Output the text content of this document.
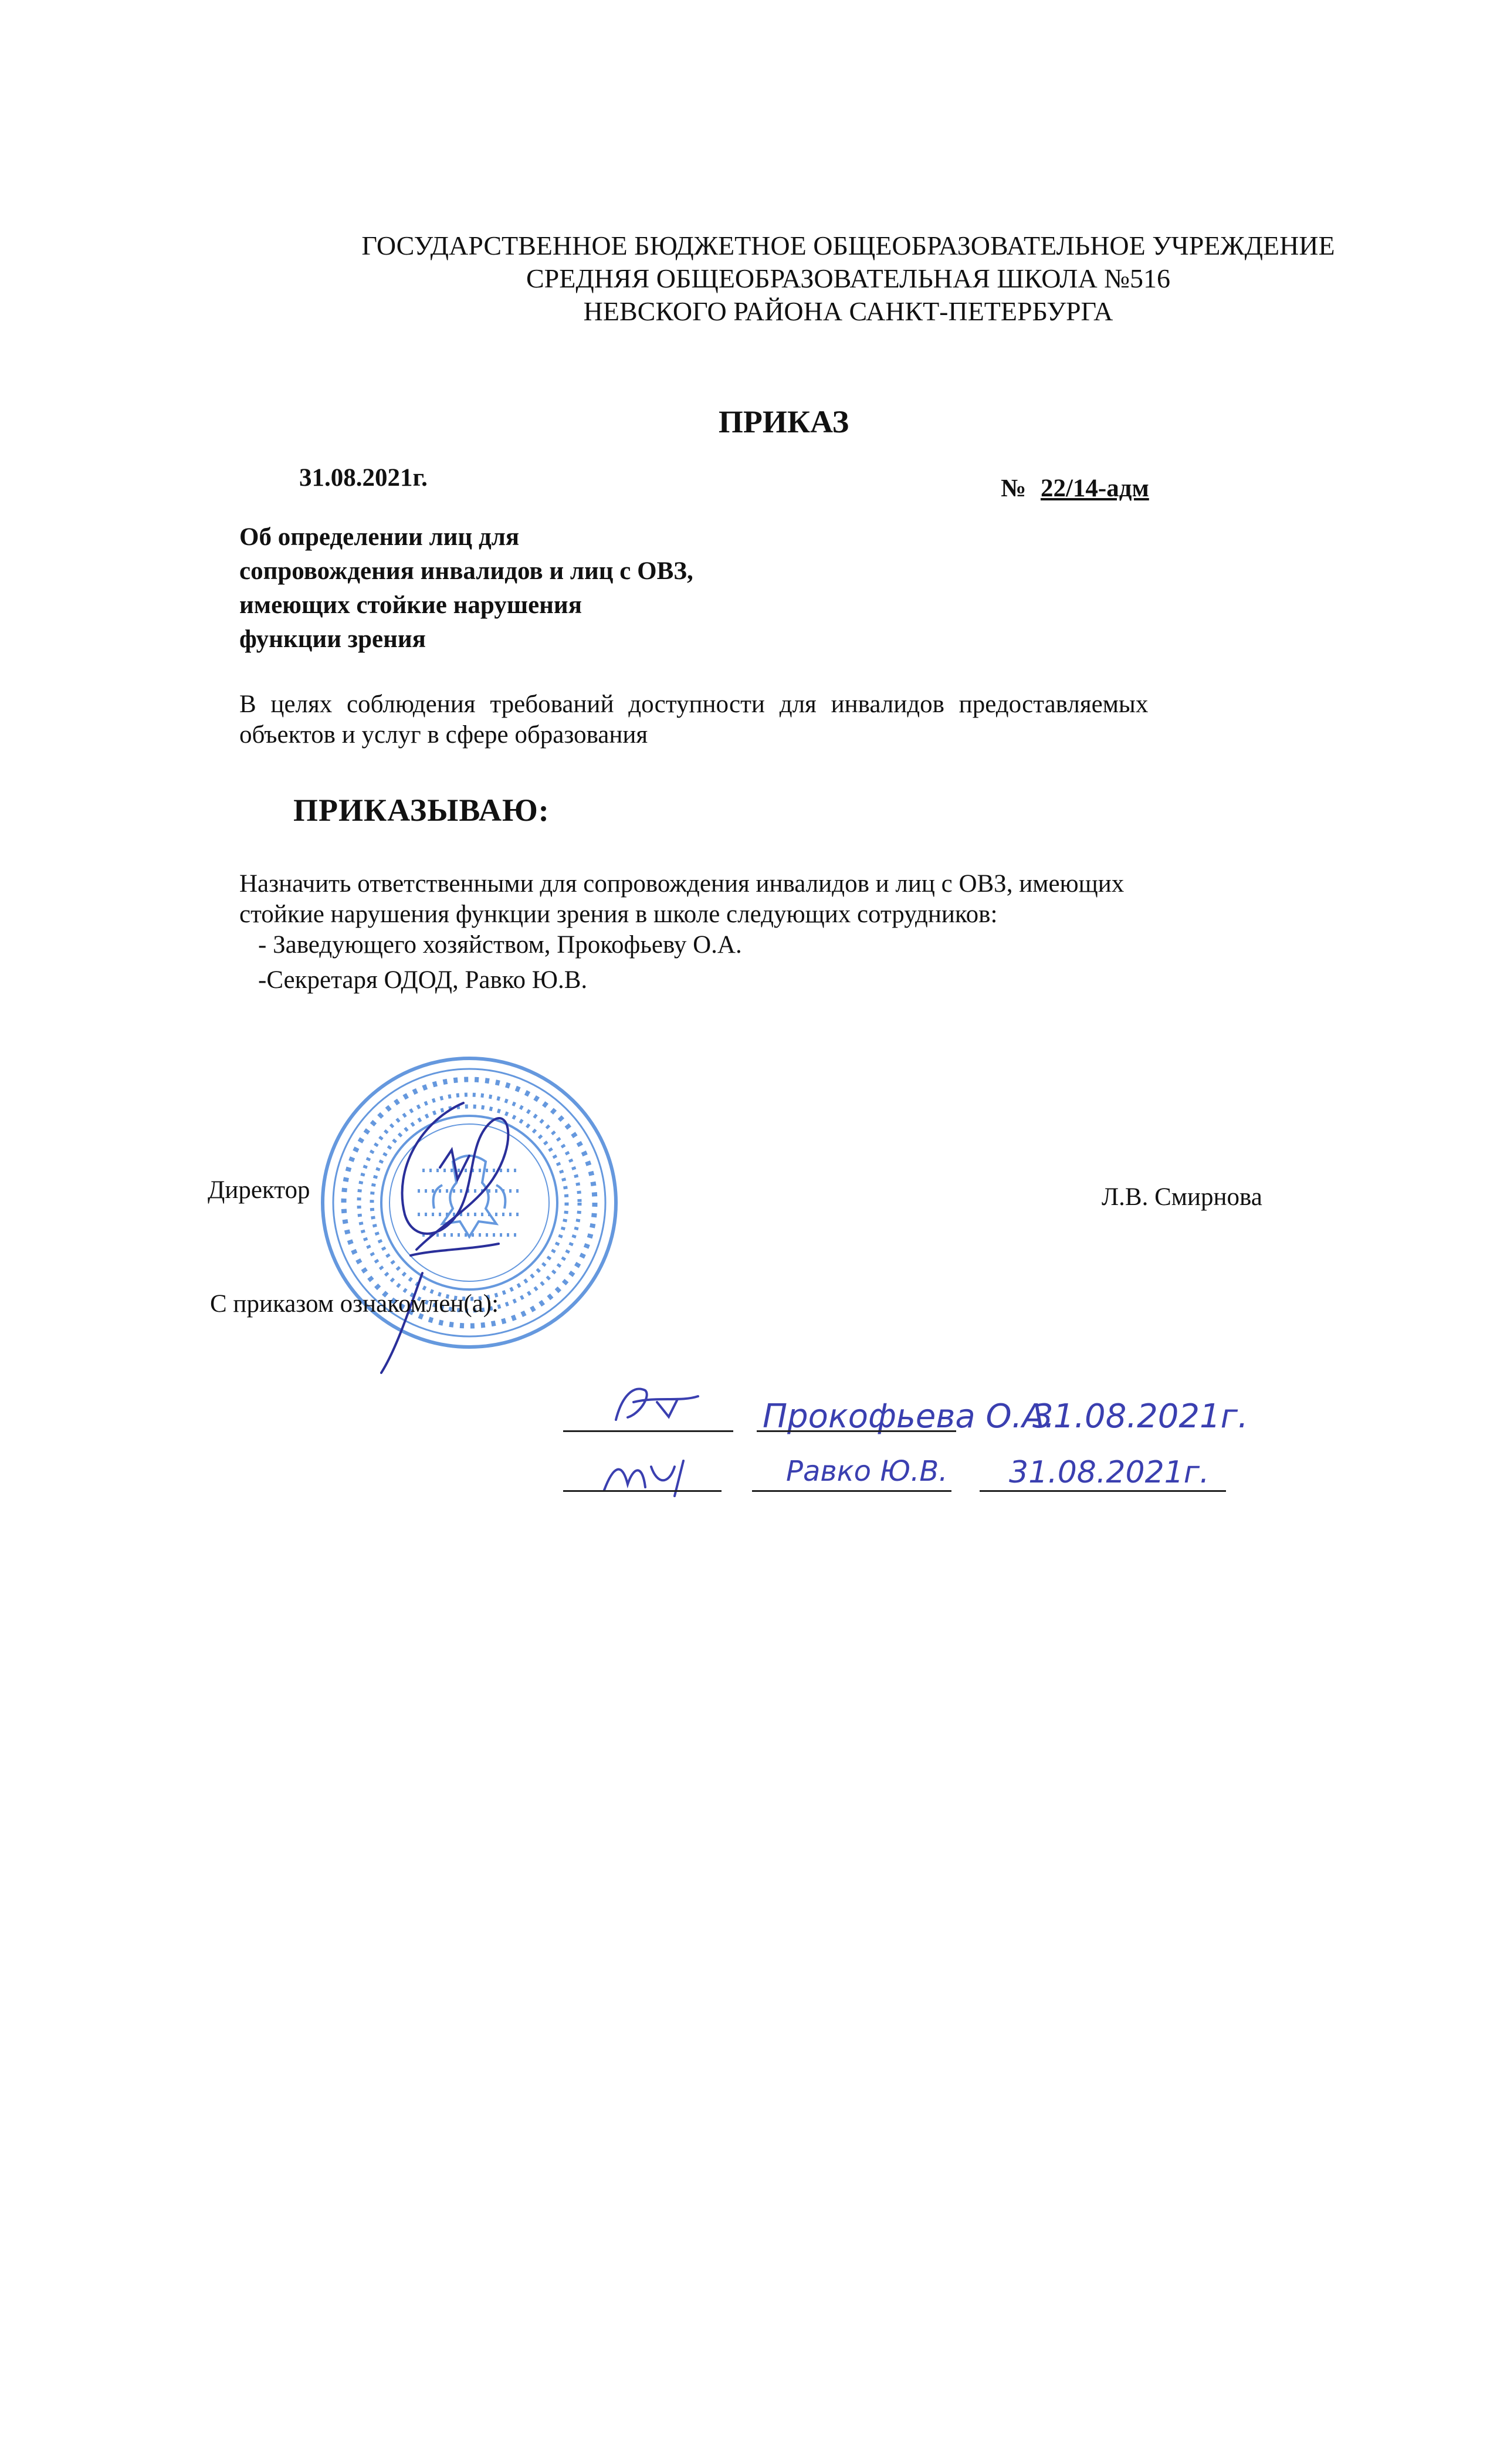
ГОСУДАРСТВЕННОЕ БЮДЖЕТНОЕ ОБЩЕОБРАЗОВАТЕЛЬНОЕ УЧРЕЖДЕНИЕ
СРЕДНЯЯ ОБЩЕОБРАЗОВАТЕЛЬНАЯ ШКОЛА №516
НЕВСКОГО РАЙОНА САНКТ-ПЕТЕРБУРГА
ПРИКАЗ
31.08.2021г.	№ 22/14-адм
Об определении лиц для
сопровождения инвалидов и лиц с ОВЗ,
имеющих стойкие нарушения
функции зрения
В целях соблюдения требований доступности для инвалидов предоставляемых
объектов и услуг в сфере образования
ПРИКАЗЫВАЮ:
Назначить ответственными для сопровождения инвалидов и лиц с ОВЗ, имеющих
стойкие нарушения функции зрения в школе следующих сотрудников:
- Заведующего хозяйством, Прокофьеву О.А.
-Секретаря ОДОД, Равко Ю.В.
Директор	Л.В. Смирнова
С приказом ознакомлен(а):
Прокофьева О.А.
31.08.2021г.
Равко Ю.В. 31.08.2021г.
